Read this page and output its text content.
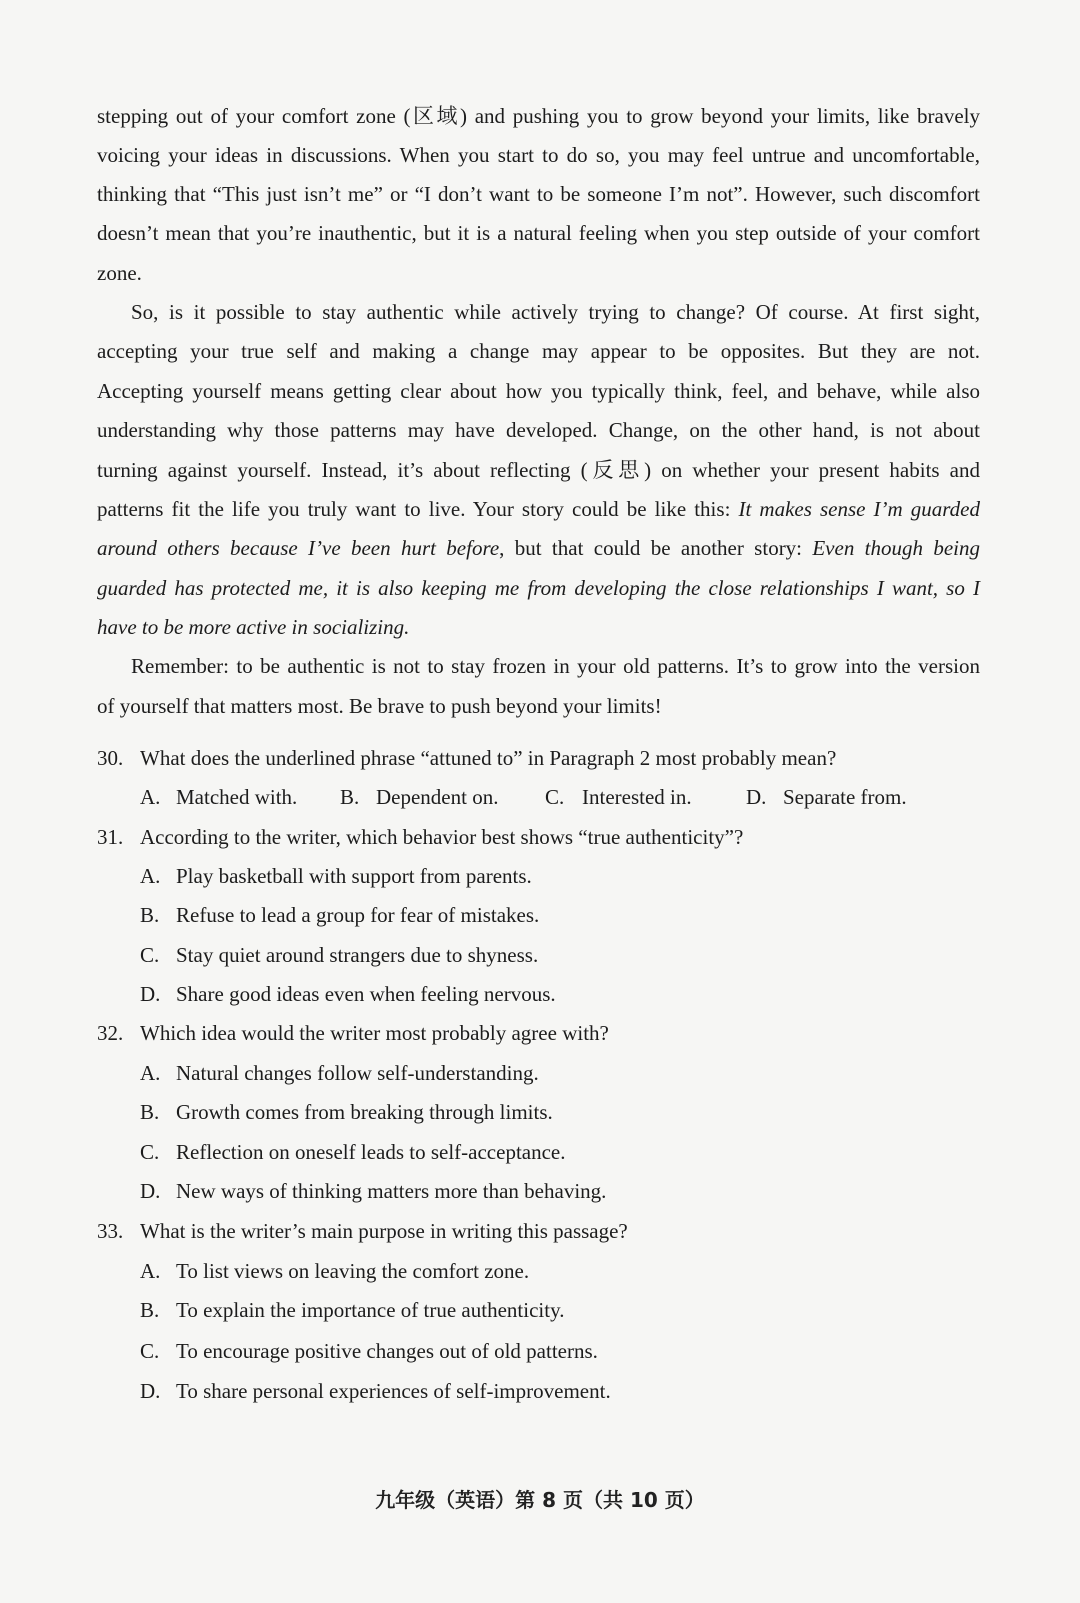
stepping out of your comfort zone (区域) and pushing you to grow beyond your limits, like bravely
voicing your ideas in discussions. When you start to do so, you may feel untrue and uncomfortable,
thinking that “This just isn’t me” or “I don’t want to be someone I’m not”. However, such discomfort
doesn’t mean that you’re inauthentic, but it is a natural feeling when you step outside of your comfort
zone.
So, is it possible to stay authentic while actively trying to change? Of course. At first sight,
accepting your true self and making a change may appear to be opposites. But they are not.
Accepting yourself means getting clear about how you typically think, feel, and behave, while also
understanding why those patterns may have developed. Change, on the other hand, is not about
turning against yourself. Instead, it’s about reflecting (反思) on whether your present habits and
patterns fit the life you truly want to live. Your story could be like this: It makes sense I’m guarded
around others because I’ve been hurt before, but that could be another story: Even though being
guarded has protected me, it is also keeping me from developing the close relationships I want, so I
have to be more active in socializing.
Remember: to be authentic is not to stay frozen in your old patterns. It’s to grow into the version
of yourself that matters most. Be brave to push beyond your limits!
30. What does the underlined phrase “attuned to” in Paragraph 2 most probably mean?
A. Matched with. B. Dependent on. C. Interested in.	D. Separate from.
31. According to the writer, which behavior best shows “true authenticity”?
A. Play basketball with support from parents.
B. Refuse to lead a group for fear of mistakes.
C. Stay quiet around strangers due to shyness.
D. Share good ideas even when feeling nervous.
32. Which idea would the writer most probably agree with?
A. Natural changes follow self-understanding.
B. Growth comes from breaking through limits.
C. Reflection on oneself leads to self-acceptance.
D. New ways of thinking matters more than behaving.
33. What is the writer’s main purpose in writing this passage?
A. To list views on leaving the comfort zone.
B. To explain the importance of true authenticity.
C. To encourage positive changes out of old patterns.
D. To share personal experiences of self-improvement.
九年级（英语）第 8 页（共 10 页）
